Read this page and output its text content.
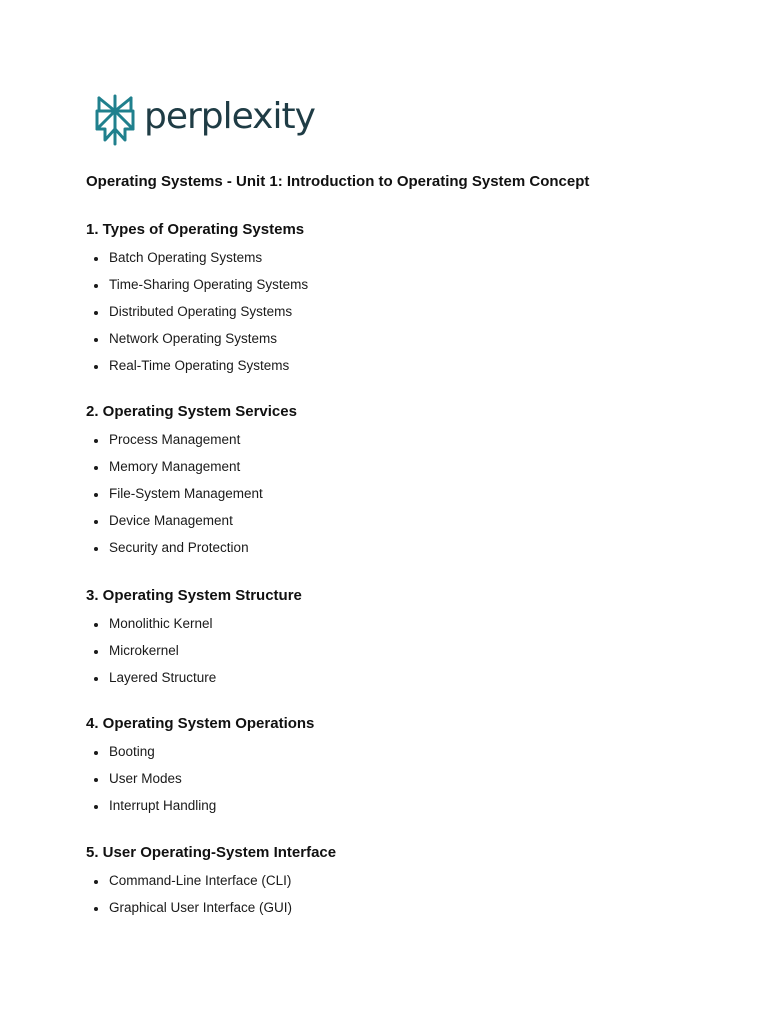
perplexity
Operating Systems - Unit 1: Introduction to Operating System Concept
1. Types of Operating Systems
Batch Operating Systems
Time-Sharing Operating Systems
Distributed Operating Systems
Network Operating Systems
Real-Time Operating Systems
2. Operating System Services
Process Management
Memory Management
File-System Management
Device Management
Security and Protection
3. Operating System Structure
Monolithic Kernel
Microkernel
Layered Structure
4. Operating System Operations
Booting
User Modes
Interrupt Handling
5. User Operating-System Interface
Command-Line Interface (CLI)
Graphical User Interface (GUI)
